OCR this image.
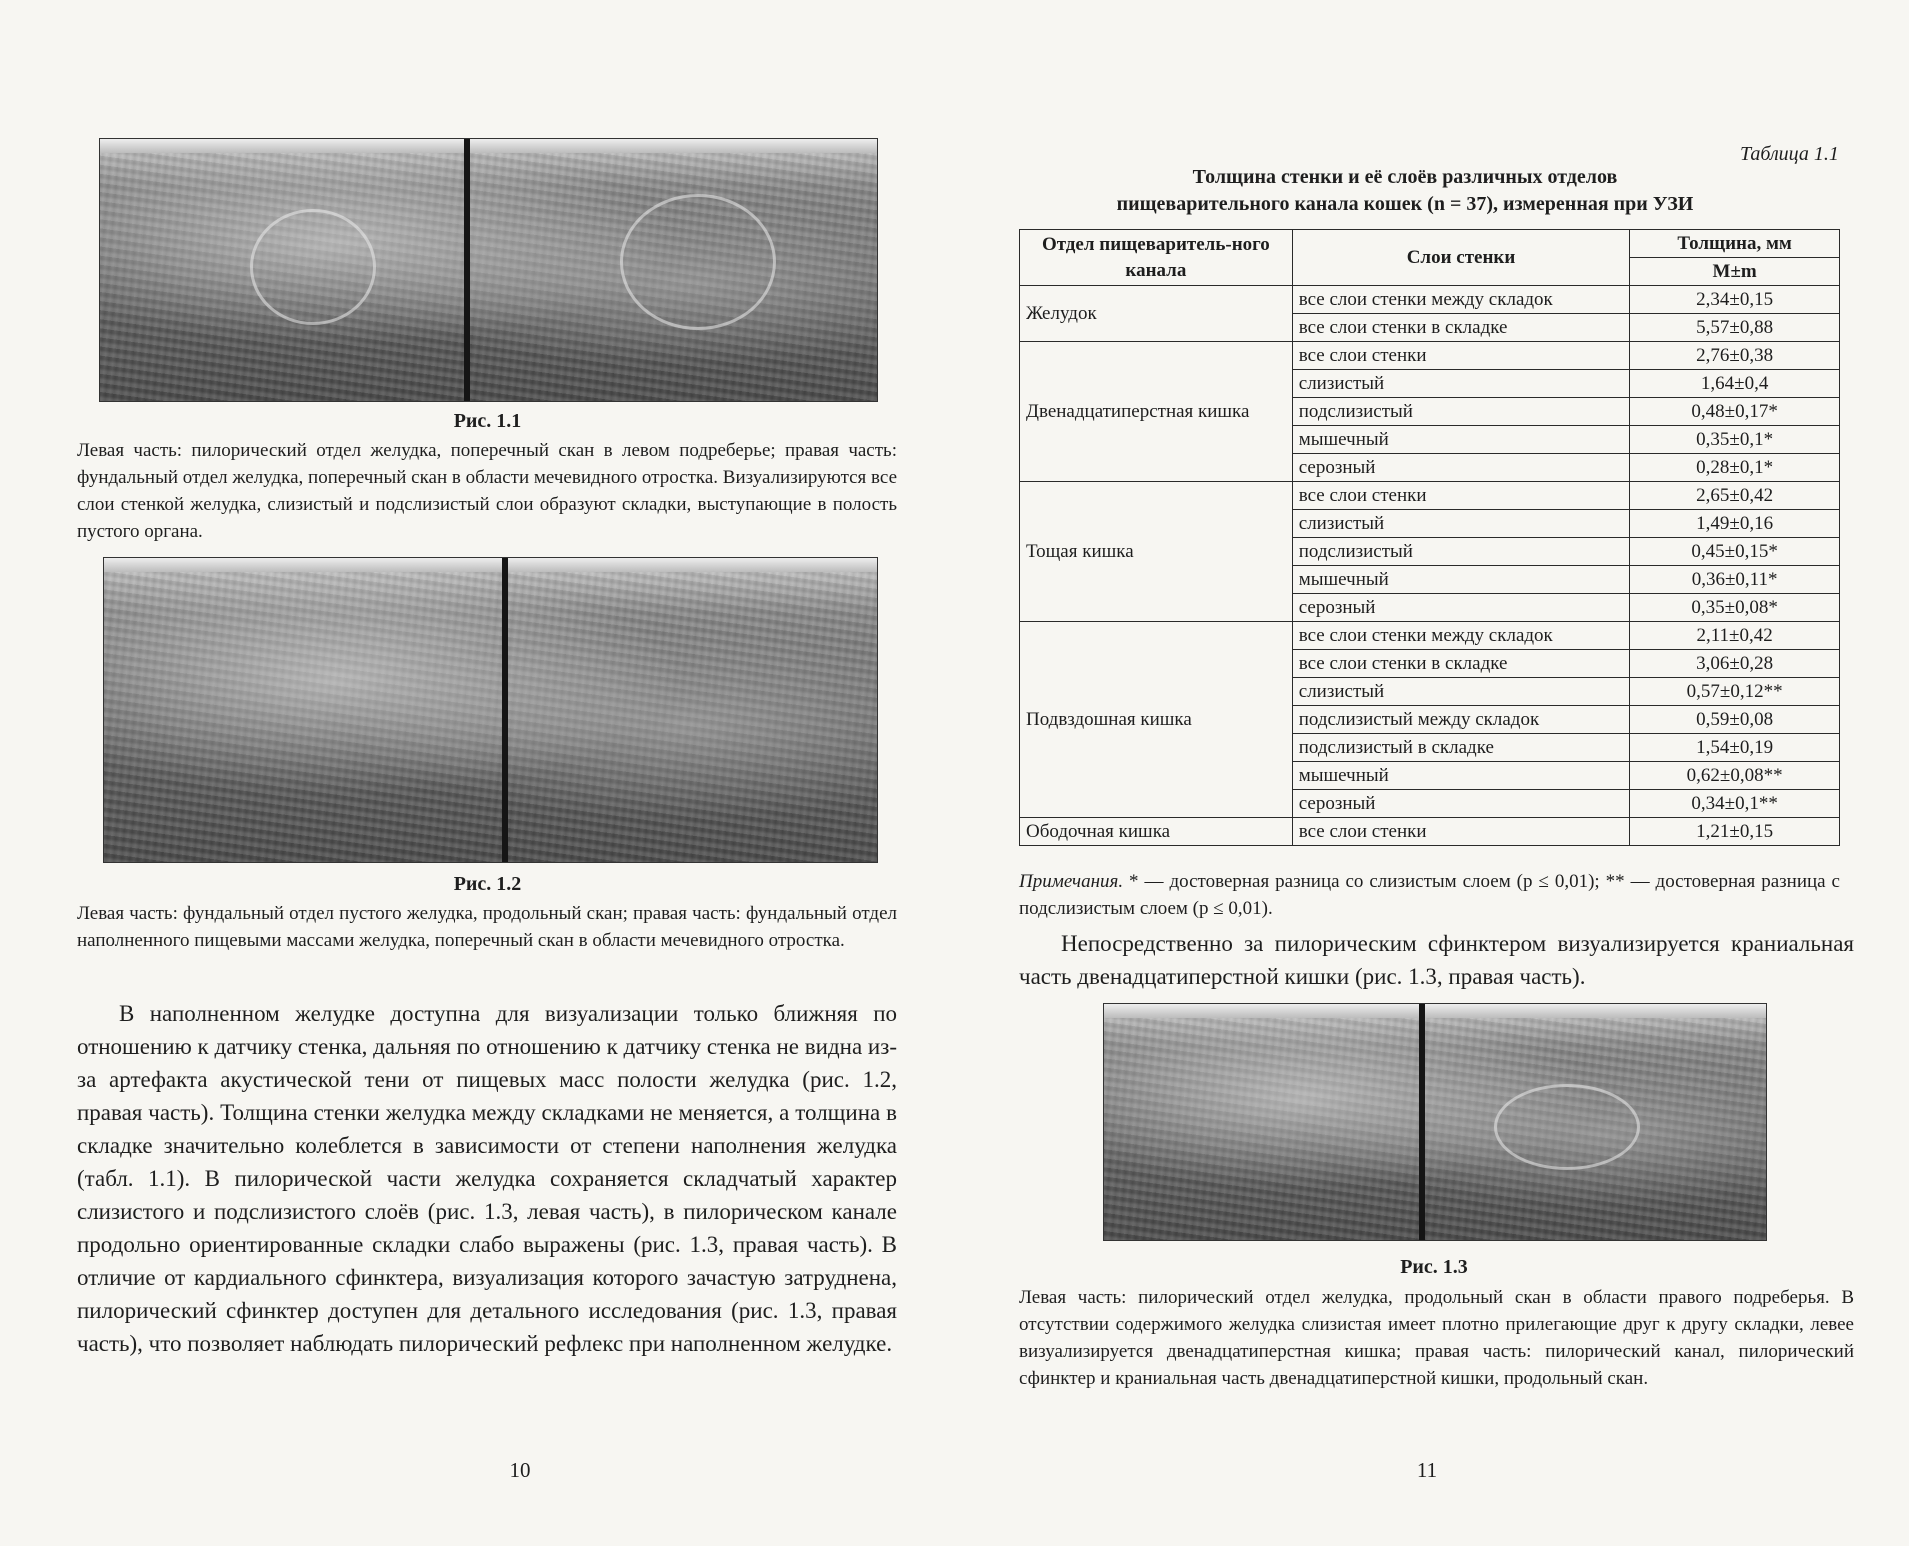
Рис. 1.1
Левая часть: пилорический отдел желудка, поперечный скан в левом подреберье; правая часть: фундальный отдел желудка, поперечный скан в области мечевидного отростка. Визуализируются все слои стенкой желудка, слизистый и подслизистый слои образуют складки, выступающие в полость пустого органа.
Рис. 1.2
Левая часть: фундальный отдел пустого желудка, продольный скан; правая часть: фундальный отдел наполненного пищевыми массами желудка, поперечный скан в области мечевидного отростка.
В наполненном желудке доступна для визуализации только ближняя по отношению к датчику стенка, дальняя по отношению к датчику стенка не видна из-за артефакта акустической тени от пищевых масс полости желудка (рис. 1.2, правая часть). Толщина стенки желудка между складками не меняется, а толщина в складке значительно колеблется в зависимости от степени наполнения желудка (табл. 1.1). В пилорической части желудка сохраняется складчатый характер слизистого и подслизистого слоёв (рис. 1.3, левая часть), в пилорическом канале продольно ориентированные складки слабо выражены (рис. 1.3, правая часть). В отличие от кардиального сфинктера, визуализация которого зачастую затруднена, пилорический сфинктер доступен для детального исследования (рис. 1.3, правая часть), что позволяет наблюдать пилорический рефлекс при наполненном желудке.
10
Таблица 1.1
Толщина стенки и её слоёв различных отделов
пищеварительного канала кошек (n = 37), измеренная при УЗИ
Отдел пищеваритель-ного канала	Слои стенки	Толщина, мм
		M±m
Желудок	все слои стенки между складок	2,34±0,15
	все слои стенки в складке	5,57±0,88
Двенадцатиперстная кишка	все слои стенки	2,76±0,38
	слизистый	1,64±0,4
	подслизистый	0,48±0,17*
	мышечный	0,35±0,1*
	серозный	0,28±0,1*
Тощая кишка	все слои стенки	2,65±0,42
	слизистый	1,49±0,16
	подслизистый	0,45±0,15*
	мышечный	0,36±0,11*
	серозный	0,35±0,08*
Подвздошная кишка	все слои стенки между складок	2,11±0,42
	все слои стенки в складке	3,06±0,28
	слизистый	0,57±0,12**
	подслизистый между складок	0,59±0,08
	подслизистый в складке	1,54±0,19
	мышечный	0,62±0,08**
	серозный	0,34±0,1**
Ободочная кишка	все слои стенки	1,21±0,15
Примечания. * — достоверная разница со слизистым слоем (p ≤ 0,01); ** — достоверная разница с подслизистым слоем (p ≤ 0,01).
Непосредственно за пилорическим сфинктером визуализируется краниальная часть двенадцатиперстной кишки (рис. 1.3, правая часть).
Рис. 1.3
Левая часть: пилорический отдел желудка, продольный скан в области правого подреберья. В отсутствии содержимого желудка слизистая имеет плотно прилегающие друг к другу складки, левее визуализируется двенадцатиперстная кишка; правая часть: пилорический канал, пилорический сфинктер и краниальная часть двенадцатиперстной кишки, продольный скан.
11
